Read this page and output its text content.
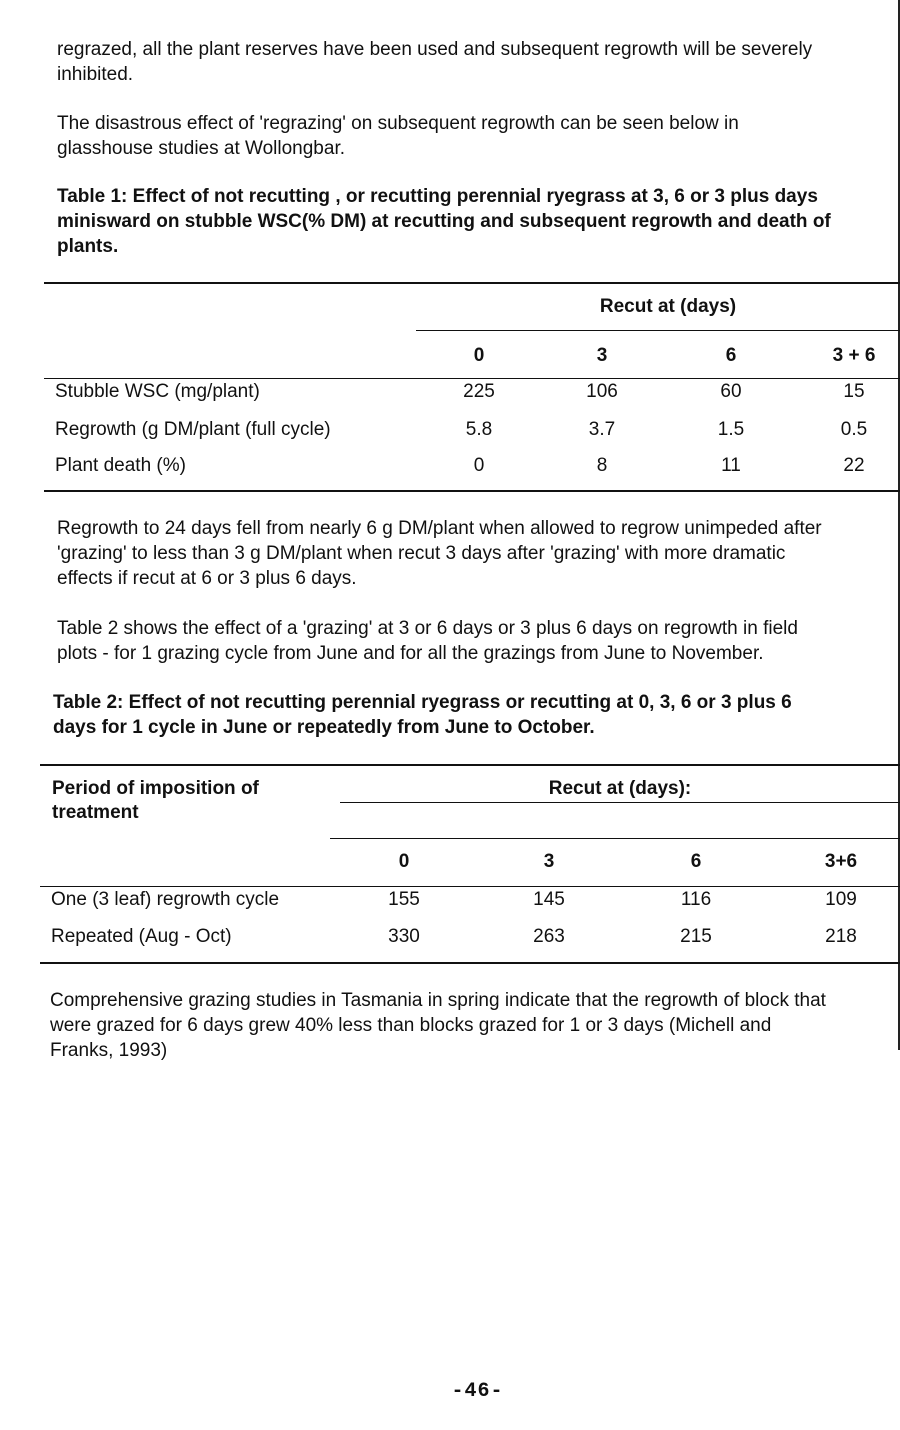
regrazed, all the plant reserves have been used and subsequent regrowth will be severely
inhibited.
The disastrous effect of 'regrazing' on subsequent regrowth can be seen below in
glasshouse studies at Wollongbar.
Table 1: Effect of not recutting , or recutting perennial ryegrass at 3, 6 or 3 plus days
minisward on stubble WSC(% DM) at recutting and subsequent regrowth and death of
plants.
Recut at (days)
0	3	6	3 + 6
Stubble WSC (mg/plant)	225	106	60	15
Regrowth (g DM/plant (full cycle)	5.8	3.7	1.5	0.5
Plant death (%)	0	8	11	22
Regrowth to 24 days fell from nearly 6 g DM/plant when allowed to regrow unimpeded after
'grazing' to less than 3 g DM/plant when recut 3 days after 'grazing' with more dramatic
effects if recut at 6 or 3 plus 6 days.
Table 2 shows the effect of a 'grazing' at 3 or 6 days or 3 plus 6 days on regrowth in field
plots - for 1 grazing cycle from June and for all the grazings from June to November.
Table 2: Effect of not recutting perennial ryegrass or recutting at 0, 3, 6 or 3 plus 6
days for 1 cycle in June or repeatedly from June to October.
Period of imposition of
treatment
Recut at (days):
0	3	6	3+6
One (3 leaf) regrowth cycle	155	145	116	109
Repeated (Aug - Oct)	330	263	215	218
Comprehensive grazing studies in Tasmania in spring indicate that the regrowth of block that
were grazed for 6 days grew 40% less than blocks grazed for 1 or 3 days (Michell and
Franks, 1993)
-46-
